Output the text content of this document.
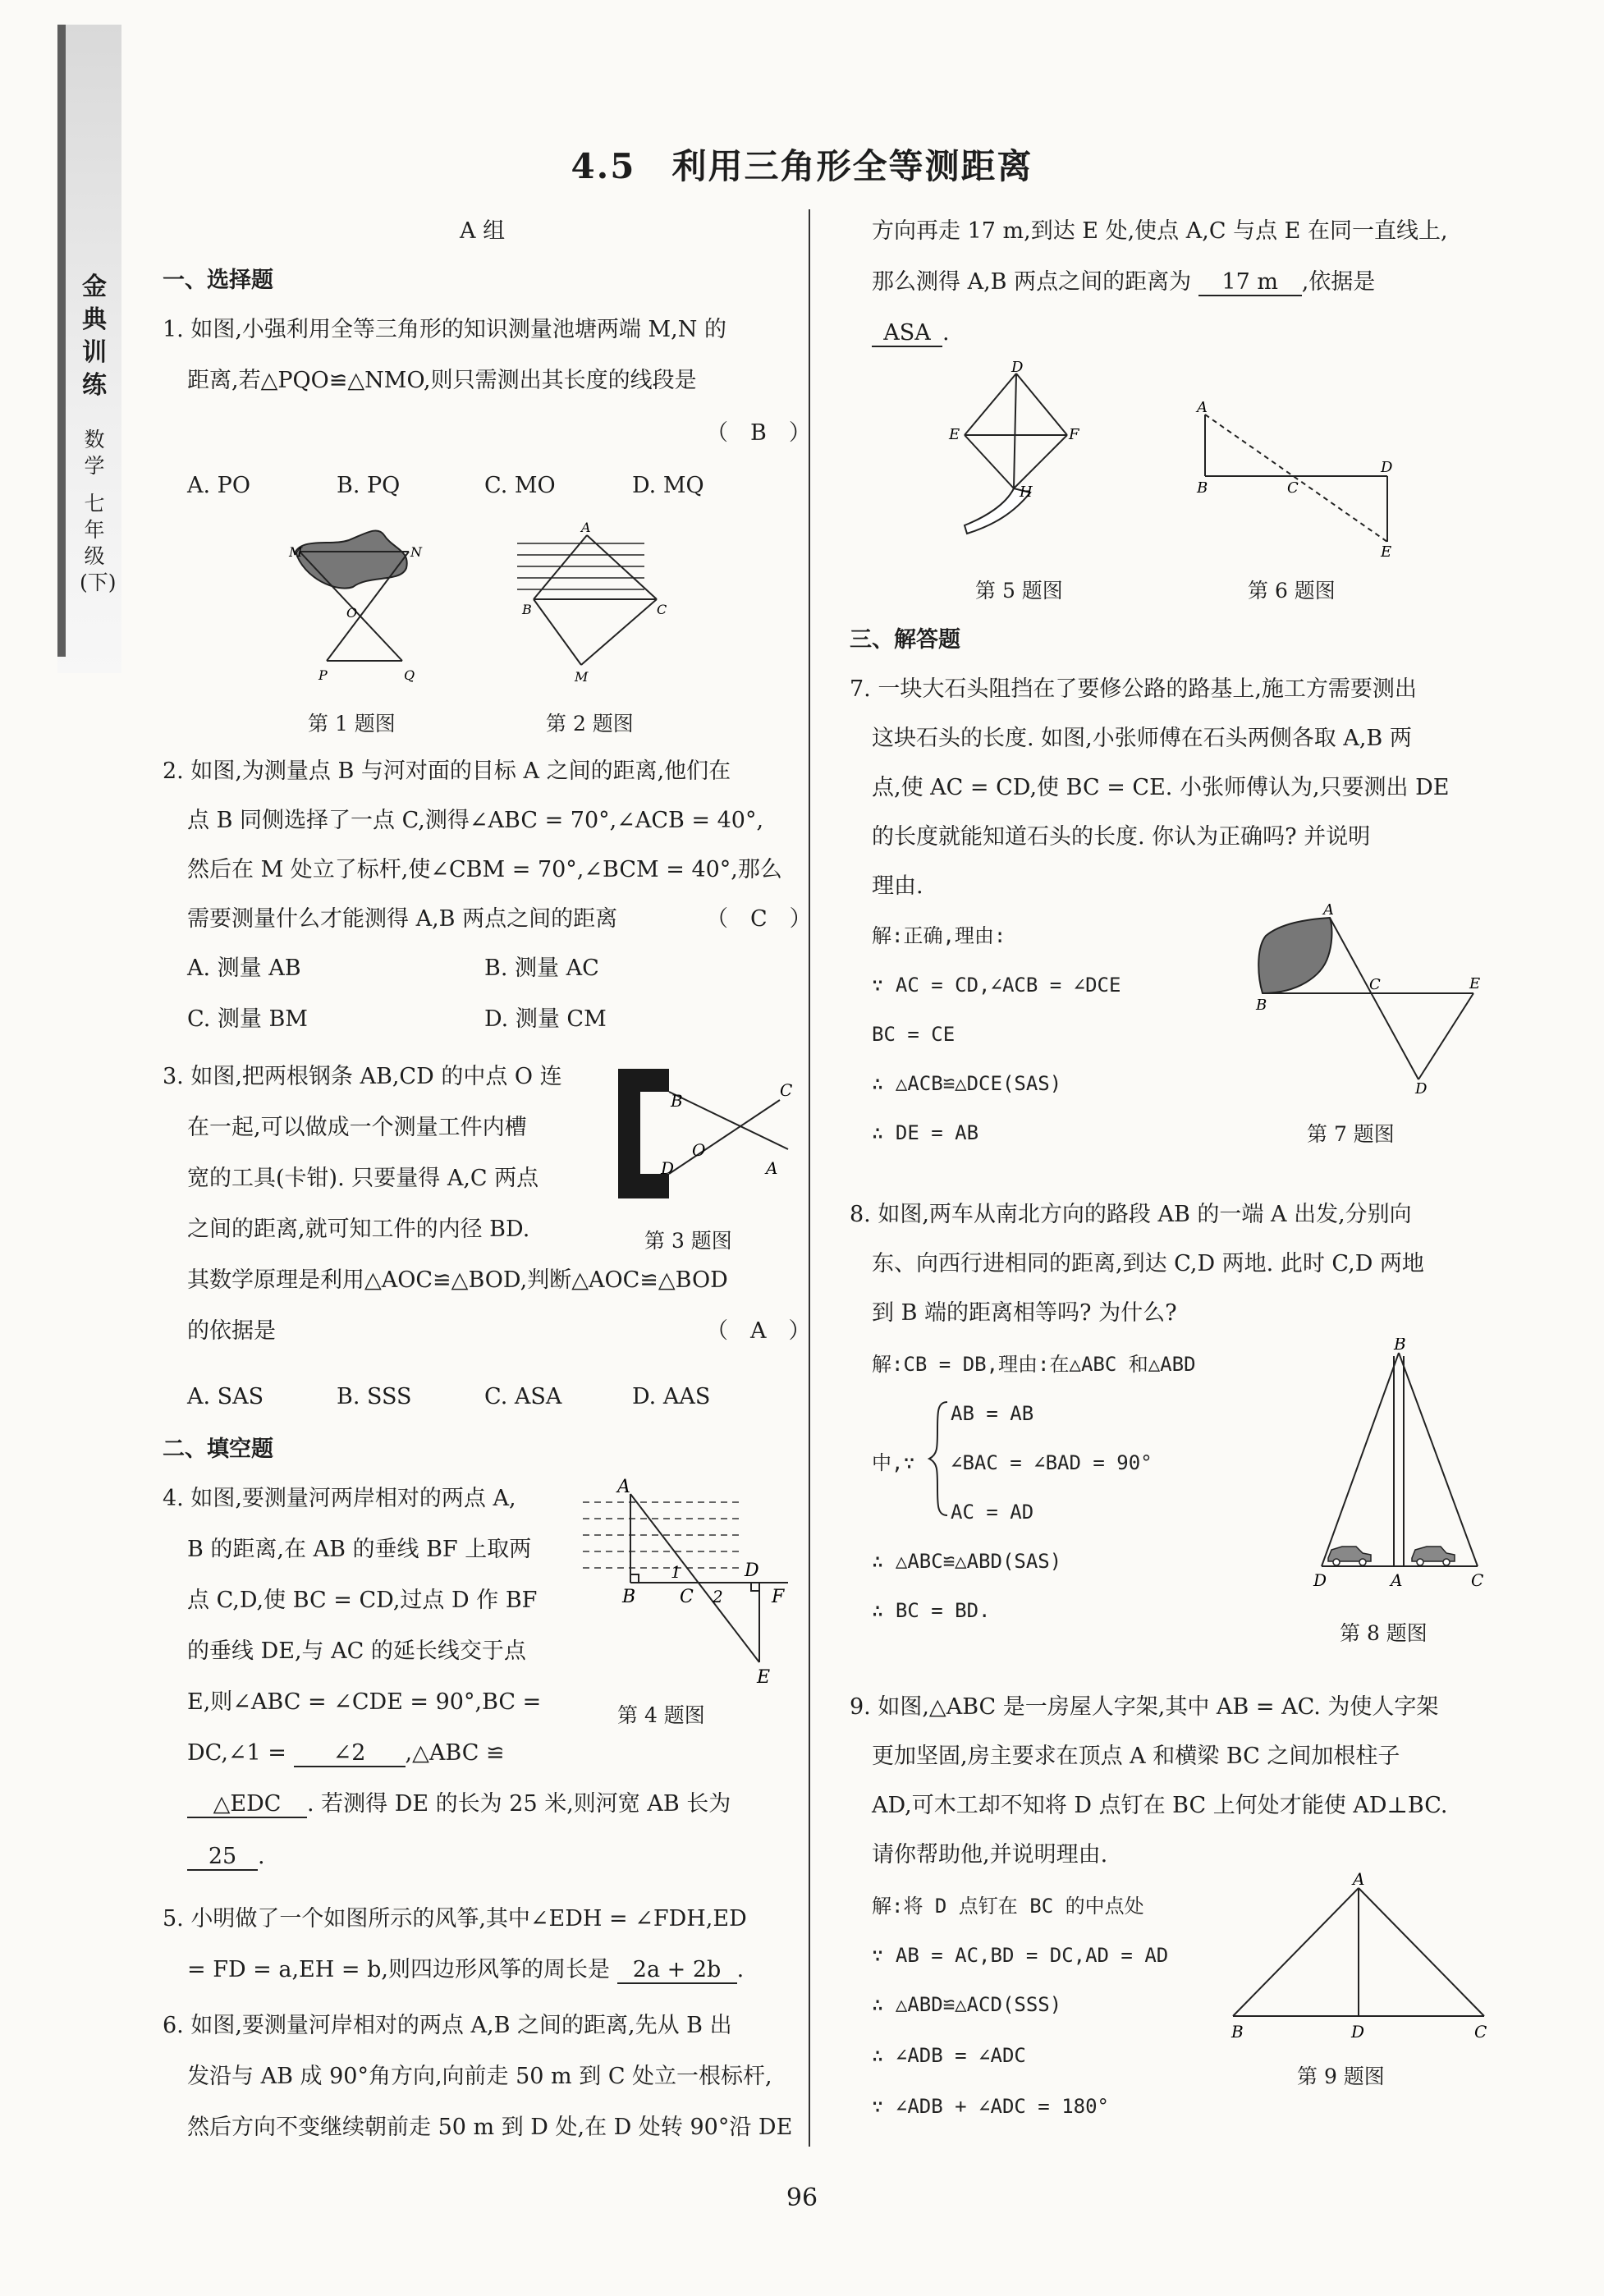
金
典
训
练
数
学
七
年
级
(下)
4.5　利用三角形全等测距离
A 组
一、选择题
1. 如图,小强利用全等三角形的知识测量池塘两端 M,N 的
距离,若△PQO≌△NMO,则只需测出其长度的线段是
（　B　）
A. PO	B. PQ	C. MO	D. MQ
M	N
O
P	Q
第 1 题图
A
B	C
M
第 2 题图
2. 如图,为测量点 B 与河对面的目标 A 之间的距离,他们在
点 B 同侧选择了一点 C,测得∠ABC = 70°,∠ACB = 40°,
然后在 M 处立了标杆,使∠CBM = 70°,∠BCM = 40°,那么
需要测量什么才能测得 A,B 两点之间的距离	（　C　）
A. 测量 AB	B. 测量 AC
C. 测量 BM	D. 测量 CM
3. 如图,把两根钢条 AB,CD 的中点 O 连
在一起,可以做成一个测量工件内槽
宽的工具(卡钳). 只要量得 A,C 两点
之间的距离,就可知工件的内径 BD.
B
C
O
D	A
第 3 题图
其数学原理是利用△AOC≌△BOD,判断△AOC≌△BOD
的依据是	（　A　）
A. SAS	B. SSS	C. ASA	D. AAS
二、填空题
4. 如图,要测量河两岸相对的两点 A,
B 的距离,在 AB 的垂线 BF 上取两
点 C,D,使 BC = CD,过点 D 作 BF
的垂线 DE,与 AC 的延长线交于点
E,则∠ABC = ∠CDE = 90°,BC =
DC,∠1 = ∠2 ,△ABC ≌
△EDC . 若测得 DE 的长为 25 米,则河宽 AB 长为
25 .
A
B C 2
1	D
F
E
第 4 题图
5. 小明做了一个如图所示的风筝,其中∠EDH = ∠FDH,ED
= FD = a,EH = b,则四边形风筝的周长是 2a + 2b .
6. 如图,要测量河岸相对的两点 A,B 之间的距离,先从 B 出
发沿与 AB 成 90°角方向,向前走 50 m 到 C 处立一根标杆,
然后方向不变继续朝前走 50 m 到 D 处,在 D 处转 90°沿 DE
方向再走 17 m,到达 E 处,使点 A,C 与点 E 在同一直线上,
那么测得 A,B 两点之间的距离为 17 m ,依据是
ASA .
D
E	F
H
第 5 题图
A
B	C
D
E
第 6 题图
三、解答题
7. 一块大石头阻挡在了要修公路的路基上,施工方需要测出
这块石头的长度. 如图,小张师傅在石头两侧各取 A,B 两
点,使 AC = CD,使 BC = CE. 小张师傅认为,只要测出 DE
的长度就能知道石头的长度. 你认为正确吗? 并说明
理由.
解:正确,理由:
∵ AC = CD,∠ACB = ∠DCE
BC = CE
∴ △ACB≌△DCE(SAS)
∴ DE = AB
A
B
C	E
D
第 7 题图
8. 如图,两车从南北方向的路段 AB 的一端 A 出发,分别向
东、向西行进相同的距离,到达 C,D 两地. 此时 C,D 两地
到 B 端的距离相等吗? 为什么?
解:CB = DB,理由:在△ABC 和△ABD
AB = AB
中,∵ ∠BAC = ∠BAD = 90°
AC = AD
∴ △ABC≌△ABD(SAS)
∴ BC = BD.
B
D	A	C
第 8 题图
9. 如图,△ABC 是一房屋人字架,其中 AB = AC. 为使人字架
更加坚固,房主要求在顶点 A 和横梁 BC 之间加根柱子
AD,可木工却不知将 D 点钉在 BC 上何处才能使 AD⊥BC.
请你帮助他,并说明理由.
解:将 D 点钉在 BC 的中点处
∵ AB = AC,BD = DC,AD = AD
∴ △ABD≌△ACD(SSS)
∴ ∠ADB = ∠ADC
∵ ∠ADB + ∠ADC = 180°
A
B	D	C
第 9 题图
96
